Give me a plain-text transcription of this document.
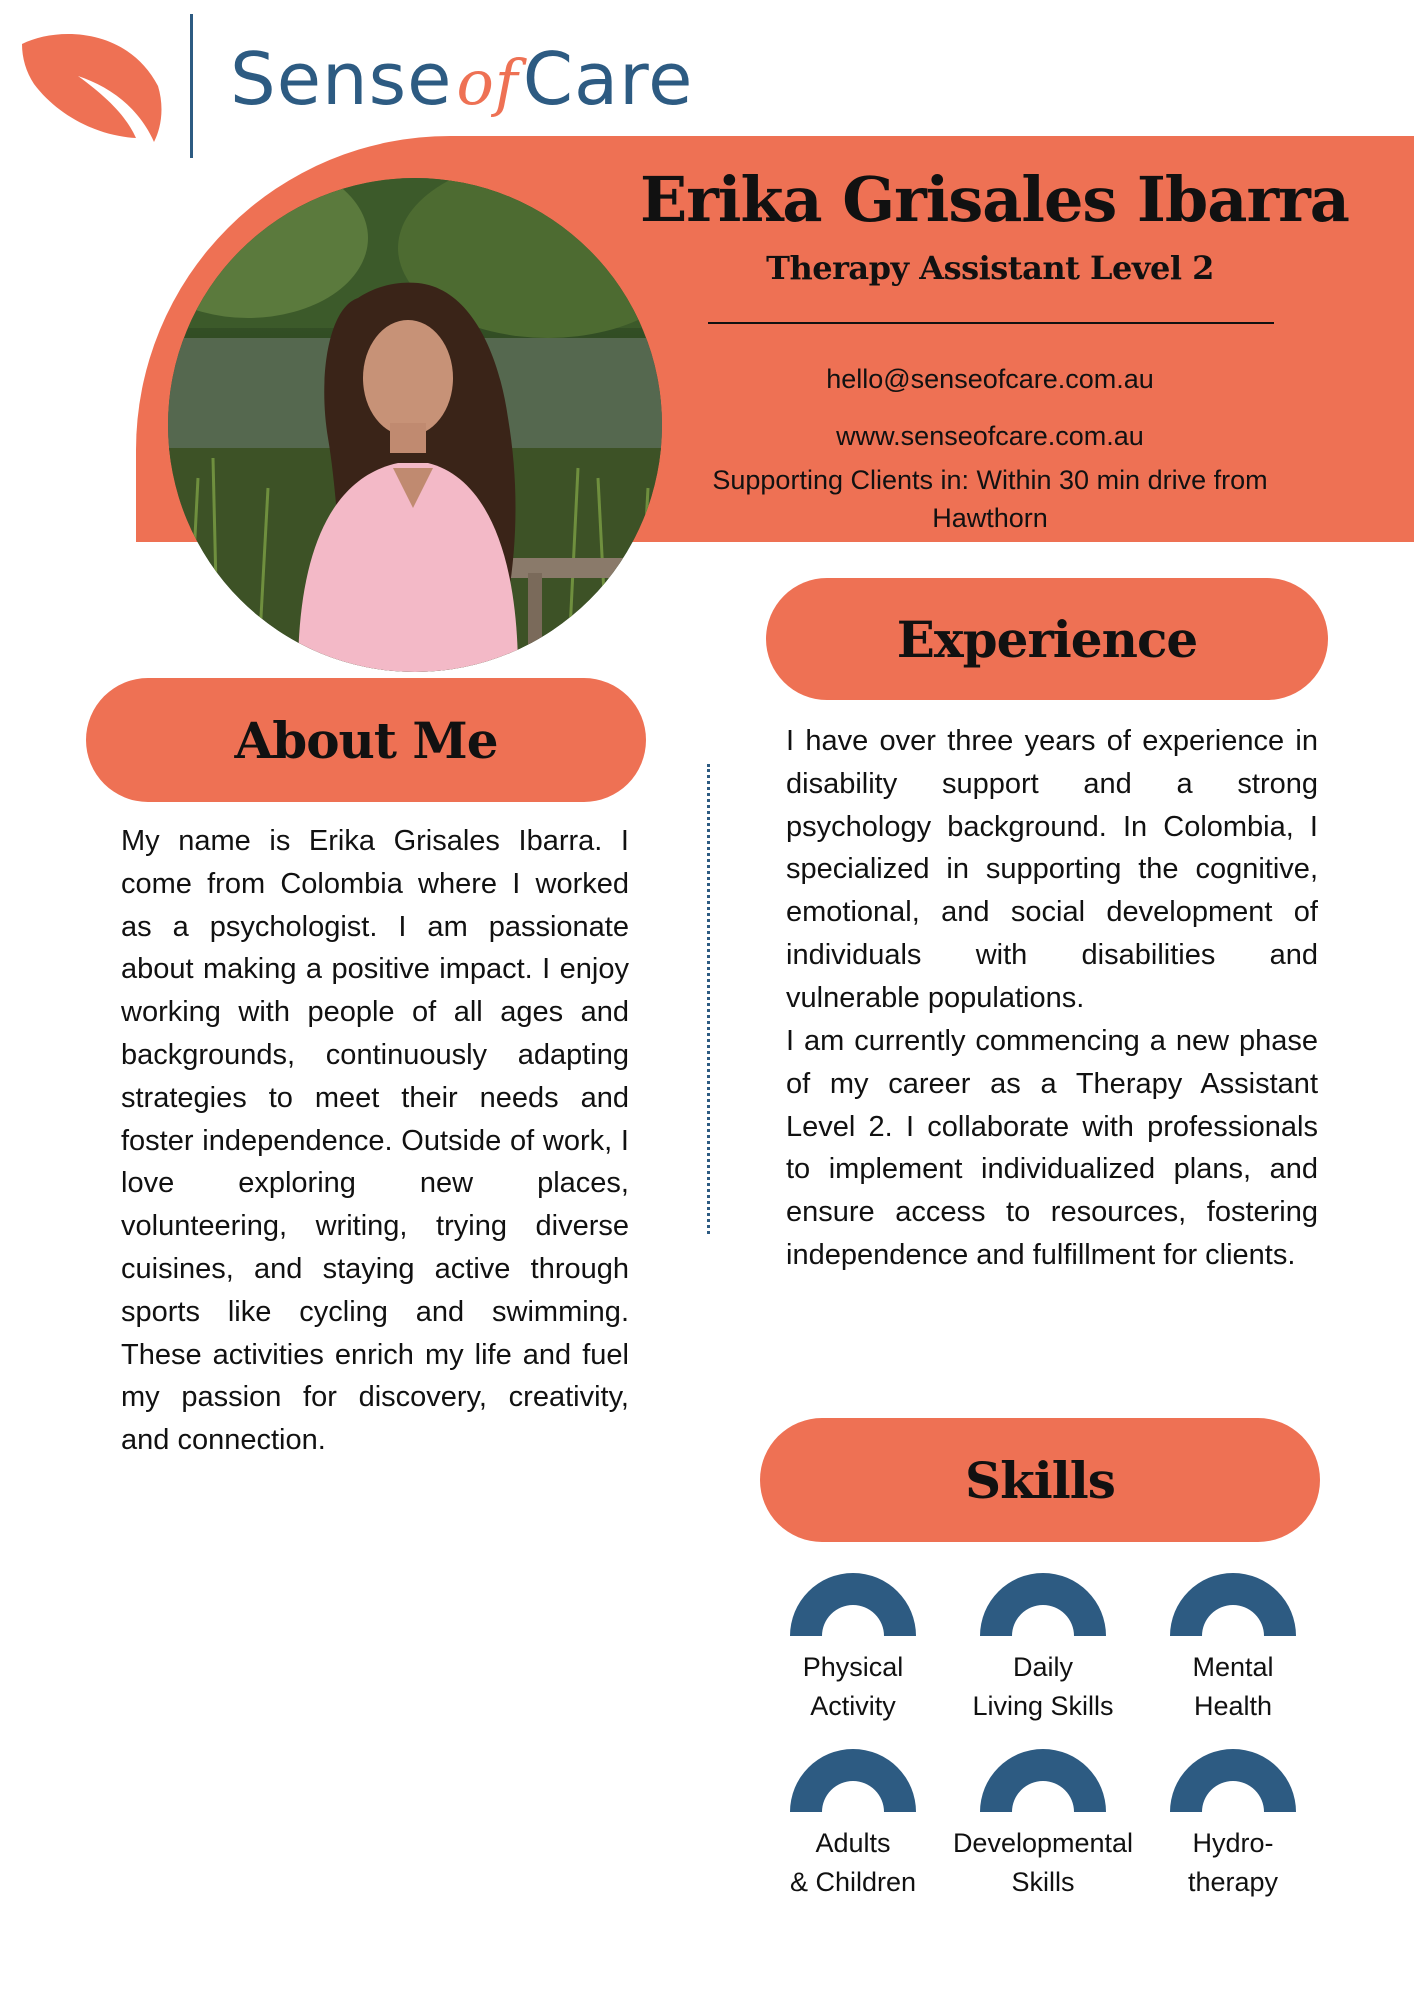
SenseofCare
Erika Grisales Ibarra
Therapy Assistant Level 2
hello@senseofcare.com.au
www.senseofcare.com.au
Supporting Clients in: Within 30 min drive from
Hawthorn
About Me
My name is Erika Grisales Ibarra. I come from Colombia where I worked as a psychologist. I am passionate about making a positive impact. I enjoy working with people of all ages and backgrounds, continuously adapting strategies to meet their needs and foster independence. Outside of work, I love exploring new places, volunteering, writing, trying diverse cuisines, and staying active through sports like cycling and swimming. These activities enrich my life and fuel my passion for discovery, creativity, and connection.
Experience
I have over three years of experience in disability support and a strong psychology background. In Colombia, I specialized in supporting the cognitive, emotional, and social development of individuals with disabilities and vulnerable populations.
I am currently commencing a new phase of my career as a Therapy Assistant Level 2. I collaborate with professionals to implement individualized plans, and ensure access to resources, fostering independence and fulfillment for clients.
Skills
Physical
Activity
Daily
Living Skills
Mental
Health
Adults
& Children
Developmental
Skills
Hydro-
therapy
